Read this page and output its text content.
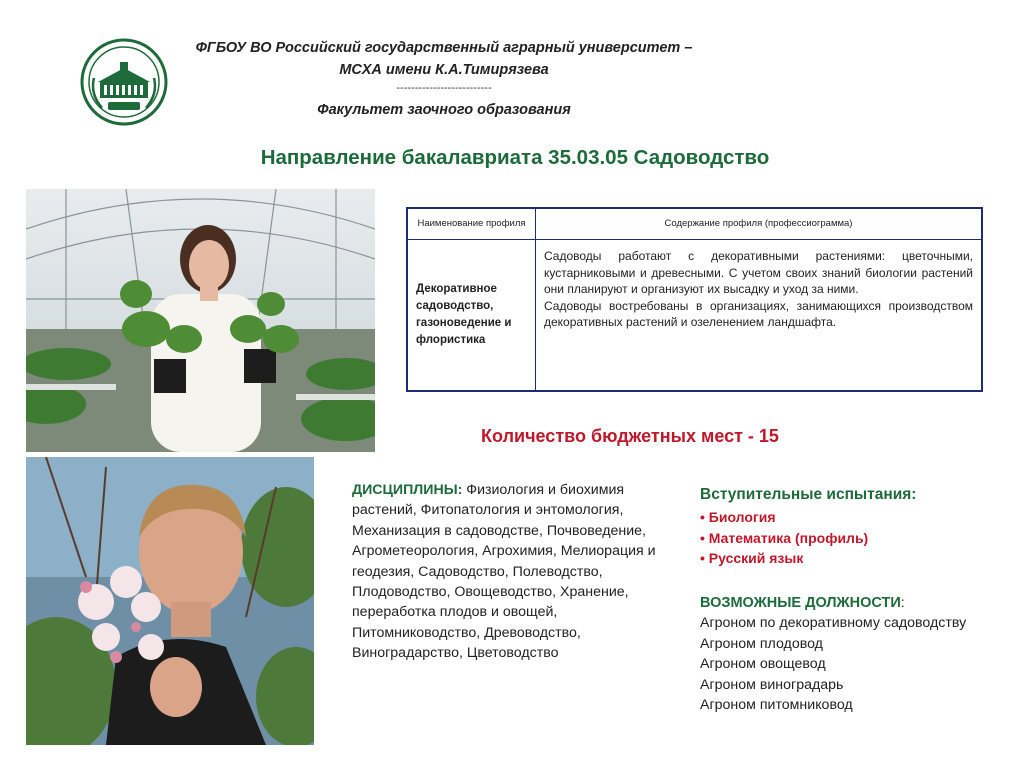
ФГБОУ ВО Российский государственный аграрный университет –
МСХА имени К.А.Тимирязева
--------------------------
Факультет заочного образования
Направление бакалавриата 35.03.05 Садоводство
Наименование профиля	Содержание профиля (профессиограмма)
Декоративное садоводство, газоноведение и флористика	Садоводы работают с декоративными растениями: цветочными, кустарниковыми и древесными. С учетом своих знаний биологии растений они планируют и организуют их высадку и уход за ними.

Садоводы востребованы в организациях, занимающихся производством декоративных растений и озеленением ландшафта.

Количество бюджетных мест - 15
ДИСЦИПЛИНЫ: Физиология и биохимия растений, Фитопатология и энтомология, Механизация в садоводстве, Почвоведение, Агрометеорология, Агрохимия, Мелиорация и геодезия, Садоводство, Полеводство, Плодоводство, Овощеводство, Хранение, переработка плодов и овощей, Питомниководство, Древоводство, Виноградарство, Цветоводство
Вступительные испытания:
• Биология
• Математика (профиль)
• Русский язык
ВОЗМОЖНЫЕ ДОЛЖНОСТИ:
Агроном по декоративному садоводству
Агроном плодовод
Агроном овощевод
Агроном виноградарь
Агроном питомниковод
